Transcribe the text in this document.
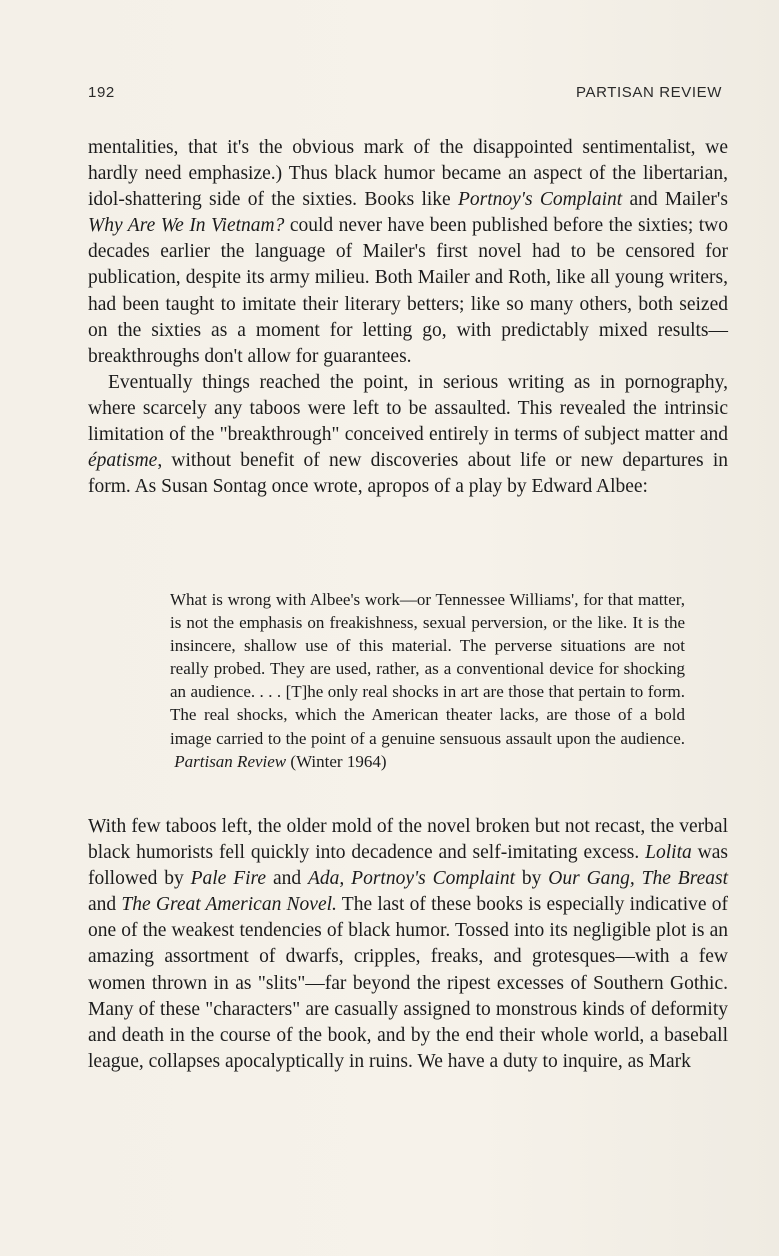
192	PARTISAN REVIEW

mentalities, that it's the obvious mark of the disappointed sentimentalist, we hardly need emphasize.) Thus black humor became an aspect of the libertarian, idol-shattering side of the sixties. Books like Portnoy's Complaint and Mailer's Why Are We In Vietnam? could never have been published before the sixties; two decades earlier the language of Mailer's first novel had to be censored for publication, despite its army milieu. Both Mailer and Roth, like all young writers, had been taught to imitate their literary betters; like so many others, both seized on the sixties as a moment for letting go, with predictably mixed results—breakthroughs don't allow for guarantees.

Eventually things reached the point, in serious writing as in pornography, where scarcely any taboos were left to be assaulted. This revealed the intrinsic limitation of the "breakthrough" conceived entirely in terms of subject matter and épatisme, without benefit of new discoveries about life or new departures in form. As Susan Sontag once wrote, apropos of a play by Edward Albee:

What is wrong with Albee's work—or Tennessee Williams', for that matter, is not the emphasis on freakishness, sexual perversion, or the like. It is the insincere, shallow use of this material. The perverse situations are not really probed. They are used, rather, as a conventional device for shocking an audience. . . . [T]he only real shocks in art are those that pertain to form. The real shocks, which the American theater lacks, are those of a bold image carried to the point of a genuine sensuous assault upon the audience.  Partisan Review (Winter 1964)

With few taboos left, the older mold of the novel broken but not recast, the verbal black humorists fell quickly into decadence and self-imitating excess. Lolita was followed by Pale Fire and Ada, Portnoy's Complaint by Our Gang, The Breast and The Great American Novel. The last of these books is especially indicative of one of the weakest tendencies of black humor. Tossed into its negligible plot is an amazing assortment of dwarfs, cripples, freaks, and grotesques—with a few women thrown in as "slits"—far beyond the ripest excesses of Southern Gothic. Many of these "characters" are casually assigned to monstrous kinds of deformity and death in the course of the book, and by the end their whole world, a baseball league, collapses apocalyptically in ruins. We have a duty to inquire, as Mark
